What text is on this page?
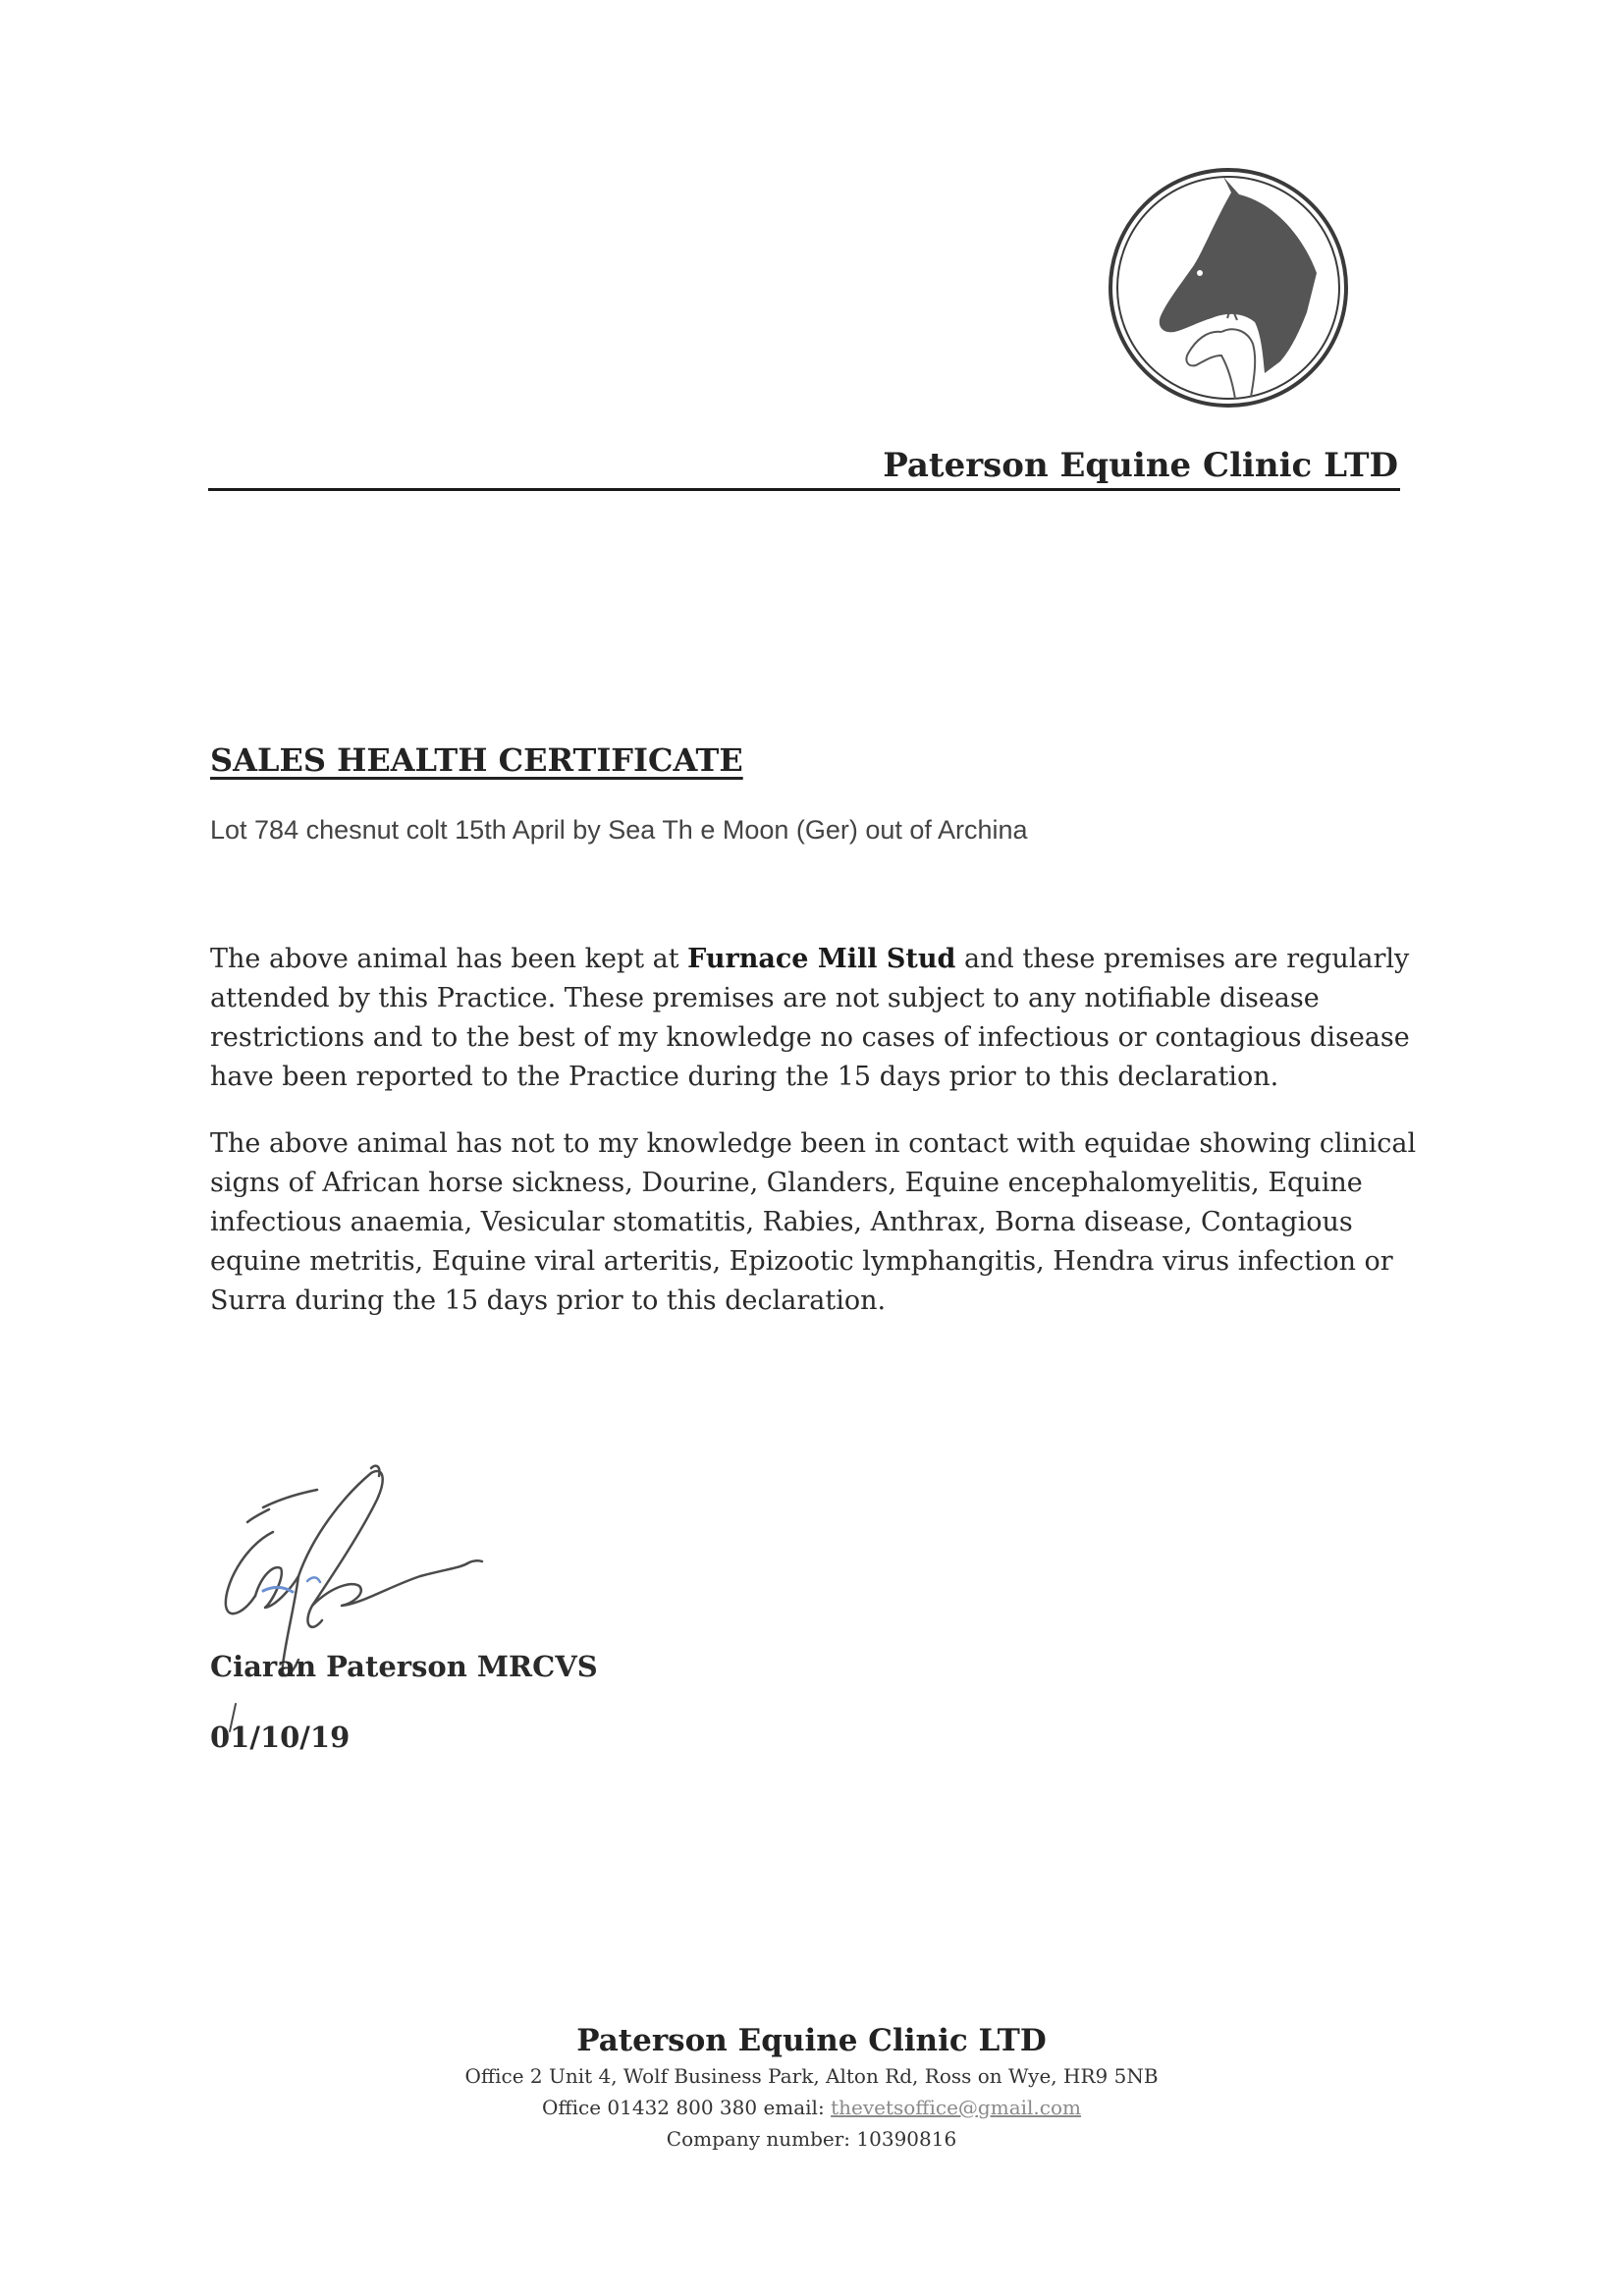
Paterson Equine Clinic LTD
SALES HEALTH CERTIFICATE
Lot 784 chesnut colt 15th April by Sea Th e Moon (Ger) out of Archina
The above animal has been kept at Furnace Mill Stud and these premises are regularly attended by this Practice. These premises are not subject to any notifiable disease restrictions and to the best of my knowledge no cases of infectious or contagious disease have been reported to the Practice during the 15 days prior to this declaration.
The above animal has not to my knowledge been in contact with equidae showing clinical signs of African horse sickness, Dourine, Glanders, Equine encephalomyelitis, Equine infectious anaemia, Vesicular stomatitis, Rabies, Anthrax, Borna disease, Contagious equine metritis, Equine viral arteritis, Epizootic lymphangitis, Hendra virus infection or Surra during the 15 days prior to this declaration.
Ciaran Paterson MRCVS
01/10/19
Paterson Equine Clinic LTD
Office 2 Unit 4, Wolf Business Park, Alton Rd, Ross on Wye, HR9 5NB
Office 01432 800 380 email: thevetsoffice@gmail.com
Company number: 10390816
